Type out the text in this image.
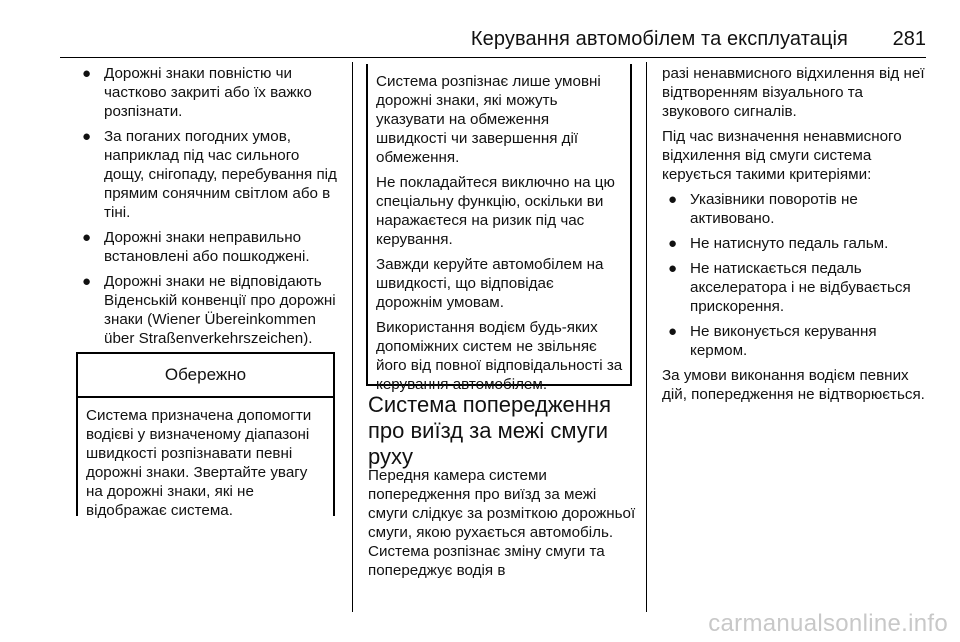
Керування автомобілем та експлуатація 281
● Дорожні знаки повністю чи частково закриті або їх важко розпізнати.
● За поганих погодних умов, наприклад під час сильного дощу, снігопаду, перебування під прямим сонячним світлом або в тіні.
● Дорожні знаки неправильно встановлені або пошкоджені.
● Дорожні знаки не відповідають Віденській конвенції про дорожні знаки (Wiener Übereinkommen über Straßenverkehrszeichen).
Обережно
Система призначена допомогти водієві у визначеному діапазоні швидкості розпізнавати певні дорожні знаки. Звертайте увагу на дорожні знаки, які не відображає система.

Система розпізнає лише умовні дорожні знаки, які можуть указувати на обмеження швидкості чи завершення дії обмеження.

Не покладайтеся виключно на цю спеціальну функцію, оскільки ви наражаєтеся на ризик під час керування.

Завжди керуйте автомобілем на швидкості, що відповідає дорожнім умовам.

Використання водієм будь-яких допоміжних систем не звільняє його від повної відповідальності за керування автомобілем.

Система попередження про виїзд за межі смуги руху
Передня камера системи попередження про виїзд за межі смуги слідкує за розміткою дорожньої смуги, якою рухається автомобіль. Система розпізнає зміну смуги та попереджує водія в

разі ненавмисного відхилення від неї відтворенням візуального та звукового сигналів.

Під час визначення ненавмисного відхилення від смуги система керується такими критеріями:

● Указівники поворотів не активовано.
● Не натиснуто педаль гальм.
● Не натискається педаль акселератора і не відбувається прискорення.
● Не виконується керування кермом.

За умови виконання водієм певних дій, попередження не відтворюється.

carmanualsonline.info
